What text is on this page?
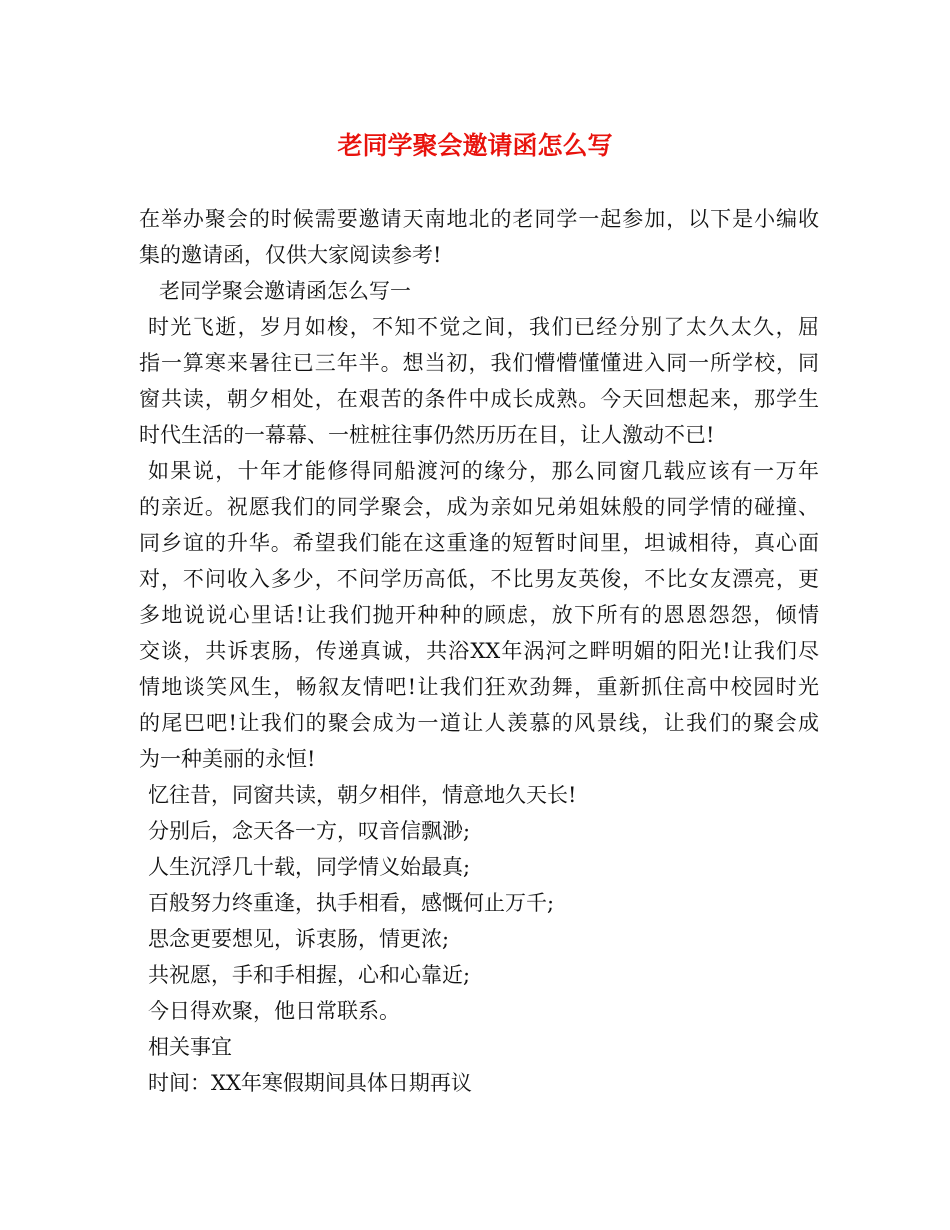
老同学聚会邀请函怎么写

在举办聚会的时候需要邀请天南地北的老同学一起参加，以下是小编收

集的邀请函，仅供大家阅读参考!

老同学聚会邀请函怎么写一

时光飞逝，岁月如梭，不知不觉之间，我们已经分别了太久太久，屈

指一算寒来暑往已三年半。想当初，我们懵懵懂懂进入同一所学校，同

窗共读，朝夕相处，在艰苦的条件中成长成熟。今天回想起来，那学生

时代生活的一幕幕、一桩桩往事仍然历历在目，让人激动不已!

如果说，十年才能修得同船渡河的缘分，那么同窗几载应该有一万年

的亲近。祝愿我们的同学聚会，成为亲如兄弟姐妹般的同学情的碰撞、

同乡谊的升华。希望我们能在这重逢的短暂时间里，坦诚相待，真心面

对，不问收入多少，不问学历高低，不比男友英俊，不比女友漂亮，更

多地说说心里话!让我们抛开种种的顾虑，放下所有的恩恩怨怨，倾情

交谈，共诉衷肠，传递真诚，共浴XX年涡河之畔明媚的阳光!让我们尽

情地谈笑风生，畅叙友情吧!让我们狂欢劲舞，重新抓住高中校园时光

的尾巴吧!让我们的聚会成为一道让人羡慕的风景线，让我们的聚会成

为一种美丽的永恒!

忆往昔，同窗共读，朝夕相伴，情意地久天长!

分别后，念天各一方，叹音信飘渺;

人生沉浮几十载，同学情义始最真;

百般努力终重逢，执手相看，感慨何止万千;

思念更要想见，诉衷肠，情更浓;

共祝愿，手和手相握，心和心靠近;

今日得欢聚，他日常联系。

相关事宜

时间：XX年寒假期间具体日期再议
